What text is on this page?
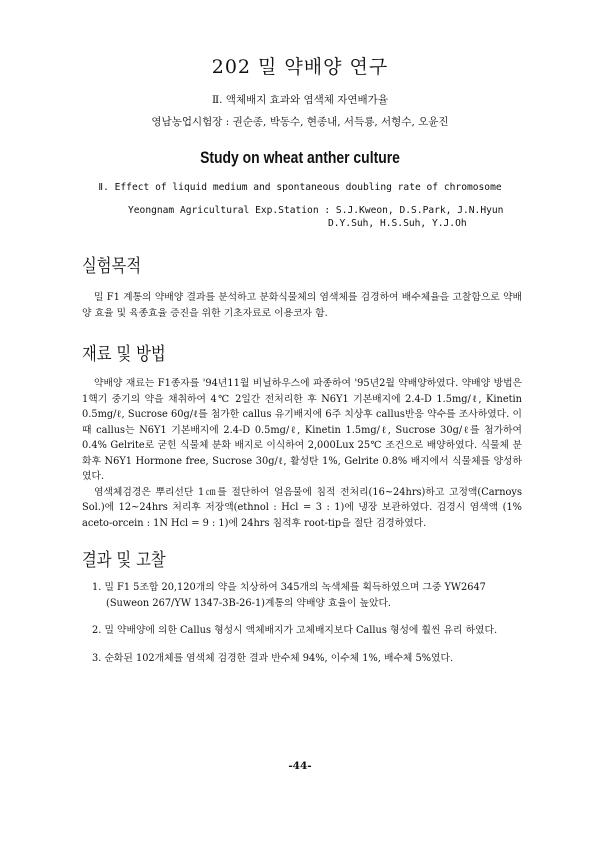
202 밀 약배양 연구
Ⅱ. 액체배지 효과와 염색체 자연배가율
영남농업시험장 : 권순종, 박동수, 현종내, 서득룡, 서형수, 오윤진
Study on wheat anther culture
Ⅱ. Effect of liquid medium and spontaneous doubling rate of chromosome
Yeongnam Agricultural Exp.Station : S.J.Kweon, D.S.Park, J.N.Hyun
D.Y.Suh, H.S.Suh, Y.J.Oh
실험목적

밀 F1 계통의 약배양 결과를 분석하고 분화식물체의 염색체를 검경하여 배수체율을 고찰함으로 약배양 효율 및 육종효율 증진을 위한 기초자료로 이용코자 함.

재료 및 방법

약배양 재료는 F1종자를 '94년11월 비닐하우스에 파종하여 '95년2월 약배양하였다. 약배양 방법은 1핵기 중기의 약을 채취하여 4℃ 2일간 전처리한 후 N6Y1 기본배지에 2.4-D 1.5mg/ℓ, Kinetin 0.5mg/ℓ, Sucrose 60g/ℓ를 첨가한 callus 유기배지에 6주 치상후 callus반응 약수를 조사하였다. 이때 callus는 N6Y1 기본배지에 2.4-D 0.5mg/ℓ, Kinetin 1.5mg/ℓ, Sucrose 30g/ℓ를 첨가하여 0.4% Gelrite로 굳힌 식물체 분화 배지로 이식하여 2,000Lux 25℃ 조건으로 배양하였다. 식물체 분화후 N6Y1 Hormone free, Sucrose 30g/ℓ, 활성탄 1%, Gelrite 0.8% 배지에서 식물체를 양성하였다.

염색체검경은 뿌리선단 1㎝를 절단하여 얼음물에 침적 전처리(16~24hrs)하고 고정액(Carnoys Sol.)에 12~24hrs 처리후 저장액(ethnol : Hcl = 3 : 1)에 냉장 보관하였다. 검경시 염색액 (1% aceto-orcein : 1N Hcl = 9 : 1)에 24hrs 침적후 root-tip을 절단 검경하였다.

결과 및 고찰
1. 밀 F1 5조합 20,120개의 약을 치상하여 345개의 녹색체를 획득하였으며 그중 YW2647 (Suweon 267/YW 1347-3B-26-1)계통의 약배양 효율이 높았다.
2. 밀 약배양에 의한 Callus 형성시 액체배지가 고체배지보다 Callus 형성에 훨씬 유리 하였다.
3. 순화된 102개체를 염색체 검경한 결과 반수체 94%, 이수체 1%, 배수체 5%였다.
-44-
